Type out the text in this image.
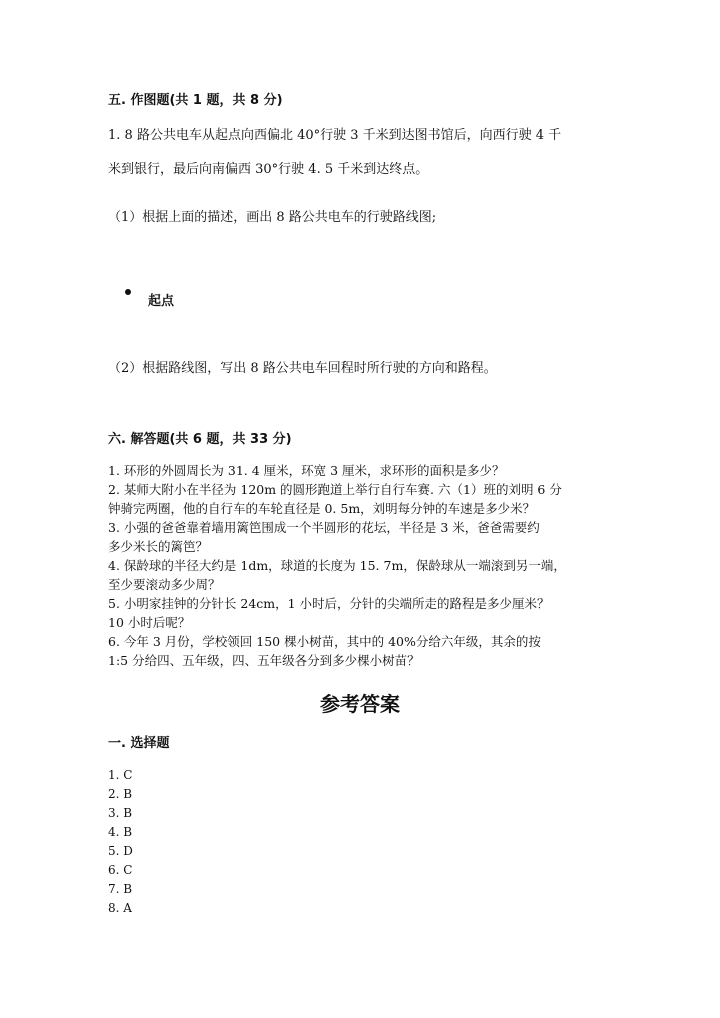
五. 作图题(共 1 题，共 8 分)
1. 8 路公共电车从起点向西偏北 40°行驶 3 千米到达图书馆后，向西行驶 4 千
米到银行，最后向南偏西 30°行驶 4. 5 千米到达终点。
（1）根据上面的描述，画出 8 路公共电车的行驶路线图;
起点
（2）根据路线图，写出 8 路公共电车回程时所行驶的方向和路程。
六. 解答题(共 6 题，共 33 分)
1. 环形的外圆周长为 31. 4 厘米，环宽 3 厘米，求环形的面积是多少？
2. 某师大附小在半径为 120m 的圆形跑道上举行自行车赛. 六（1）班的刘明 6 分
钟骑完两圈，他的自行车的车轮直径是 0. 5m，刘明每分钟的车速是多少米？
3. 小强的爸爸靠着墙用篱笆围成一个半圆形的花坛，半径是 3 米，爸爸需要约
多少米长的篱笆？
4. 保龄球的半径大约是 1dm，球道的长度为 15. 7m，保龄球从一端滚到另一端，
至少要滚动多少周？
5. 小明家挂钟的分针长 24cm，1 小时后，分针的尖端所走的路程是多少厘米？
10 小时后呢？
6. 今年 3 月份，学校领回 150 棵小树苗，其中的 40%分给六年级，其余的按
1:5 分给四、五年级，四、五年级各分到多少棵小树苗？
参考答案
一. 选择题
1. C
2. B
3. B
4. B
5. D
6. C
7. B
8. A
